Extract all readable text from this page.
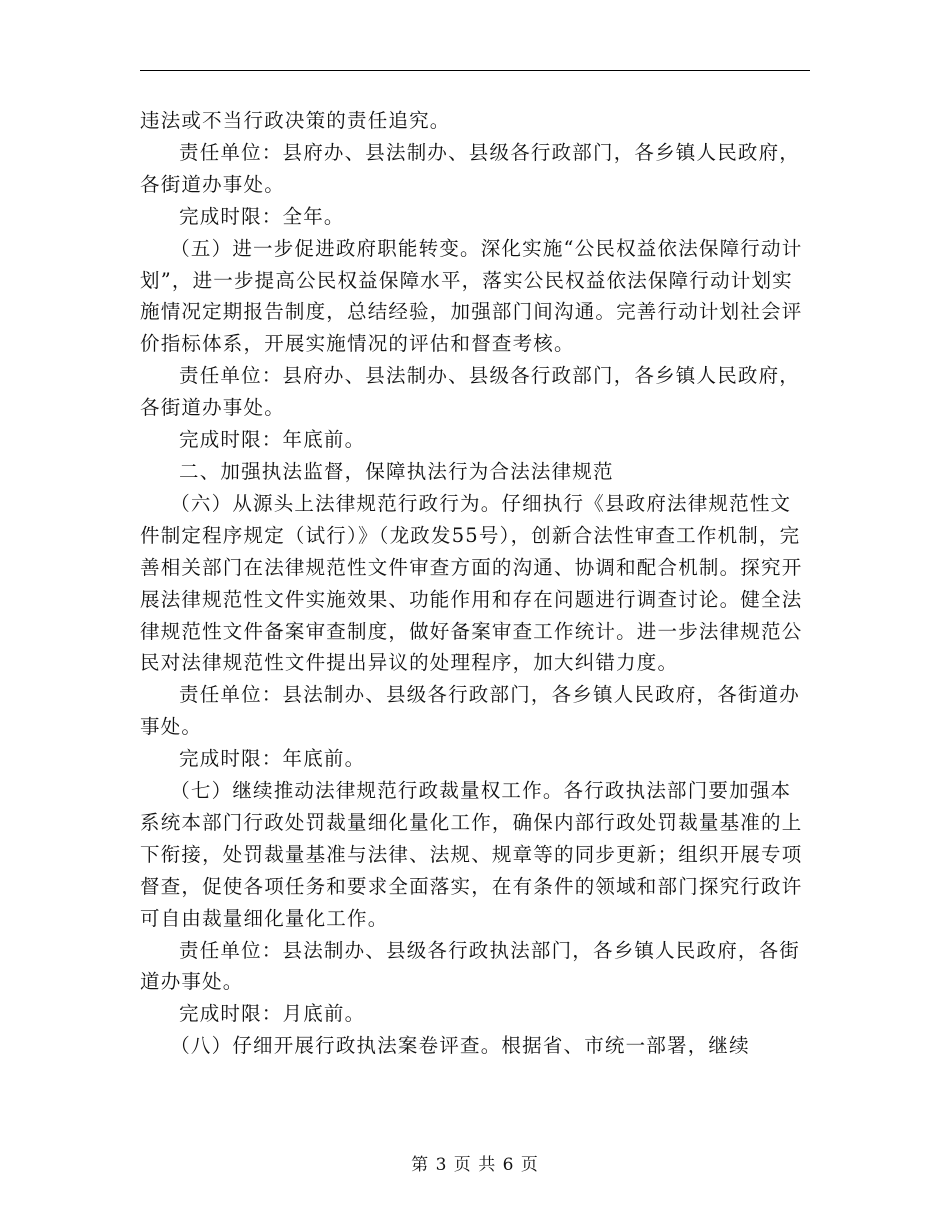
违法或不当行政决策的责任追究。

责任单位：县府办、县法制办、县级各行政部门，各乡镇人民政府，各街道办事处。

完成时限：全年。

（五）进一步促进政府职能转变。深化实施“公民权益依法保障行动计划”，进一步提高公民权益保障水平，落实公民权益依法保障行动计划实施情况定期报告制度，总结经验，加强部门间沟通。完善行动计划社会评价指标体系，开展实施情况的评估和督查考核。

责任单位：县府办、县法制办、县级各行政部门，各乡镇人民政府，各街道办事处。

完成时限：年底前。

二、加强执法监督，保障执法行为合法法律规范

（六）从源头上法律规范行政行为。仔细执行《县政府法律规范性文件制定程序规定（试行）》（龙政发55号），创新合法性审查工作机制，完善相关部门在法律规范性文件审查方面的沟通、协调和配合机制。探究开展法律规范性文件实施效果、功能作用和存在问题进行调查讨论。健全法律规范性文件备案审查制度，做好备案审查工作统计。进一步法律规范公民对法律规范性文件提出异议的处理程序，加大纠错力度。

责任单位：县法制办、县级各行政部门，各乡镇人民政府，各街道办事处。

完成时限：年底前。

（七）继续推动法律规范行政裁量权工作。各行政执法部门要加强本系统本部门行政处罚裁量细化量化工作，确保内部行政处罚裁量基准的上下衔接，处罚裁量基准与法律、法规、规章等的同步更新；组织开展专项督查，促使各项任务和要求全面落实，在有条件的领域和部门探究行政许可自由裁量细化量化工作。

责任单位：县法制办、县级各行政执法部门，各乡镇人民政府，各街道办事处。

完成时限：月底前。

（八）仔细开展行政执法案卷评查。根据省、市统一部署，继续

第 3 页 共 6 页
